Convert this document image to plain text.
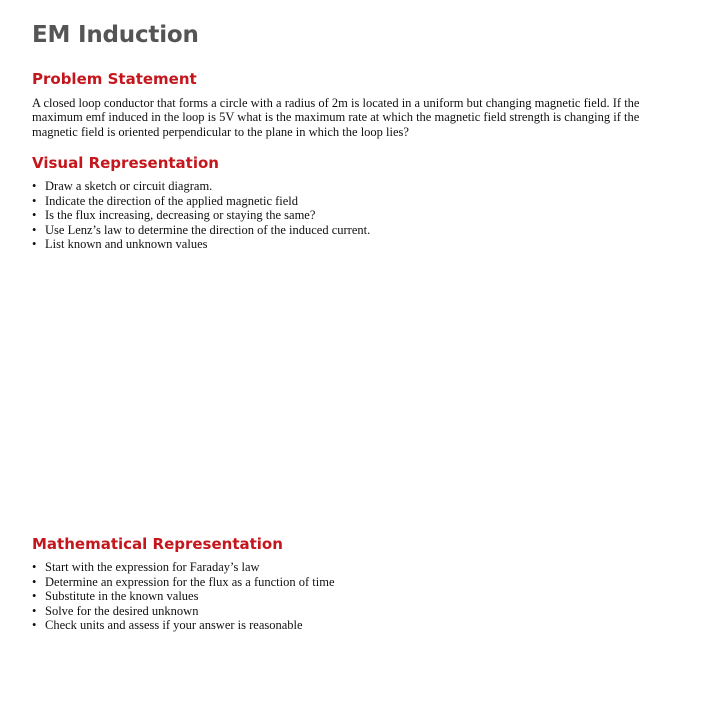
EM Induction
Problem Statement

A closed loop conductor that forms a circle with a radius of 2m is located in a uniform but changing magnetic field. If the maximum emf induced in the loop is 5V what is the maximum rate at which the magnetic field strength is changing if the magnetic field is oriented perpendicular to the plane in which the loop lies?

Visual Representation
• Draw a sketch or circuit diagram.
• Indicate the direction of the applied magnetic field
• Is the flux increasing, decreasing or staying the same?
• Use Lenz’s law to determine the direction of the induced current.
• List known and unknown values
Mathematical Representation
• Start with the expression for Faraday’s law
• Determine an expression for the flux as a function of time
• Substitute in the known values
• Solve for the desired unknown
• Check units and assess if your answer is reasonable
